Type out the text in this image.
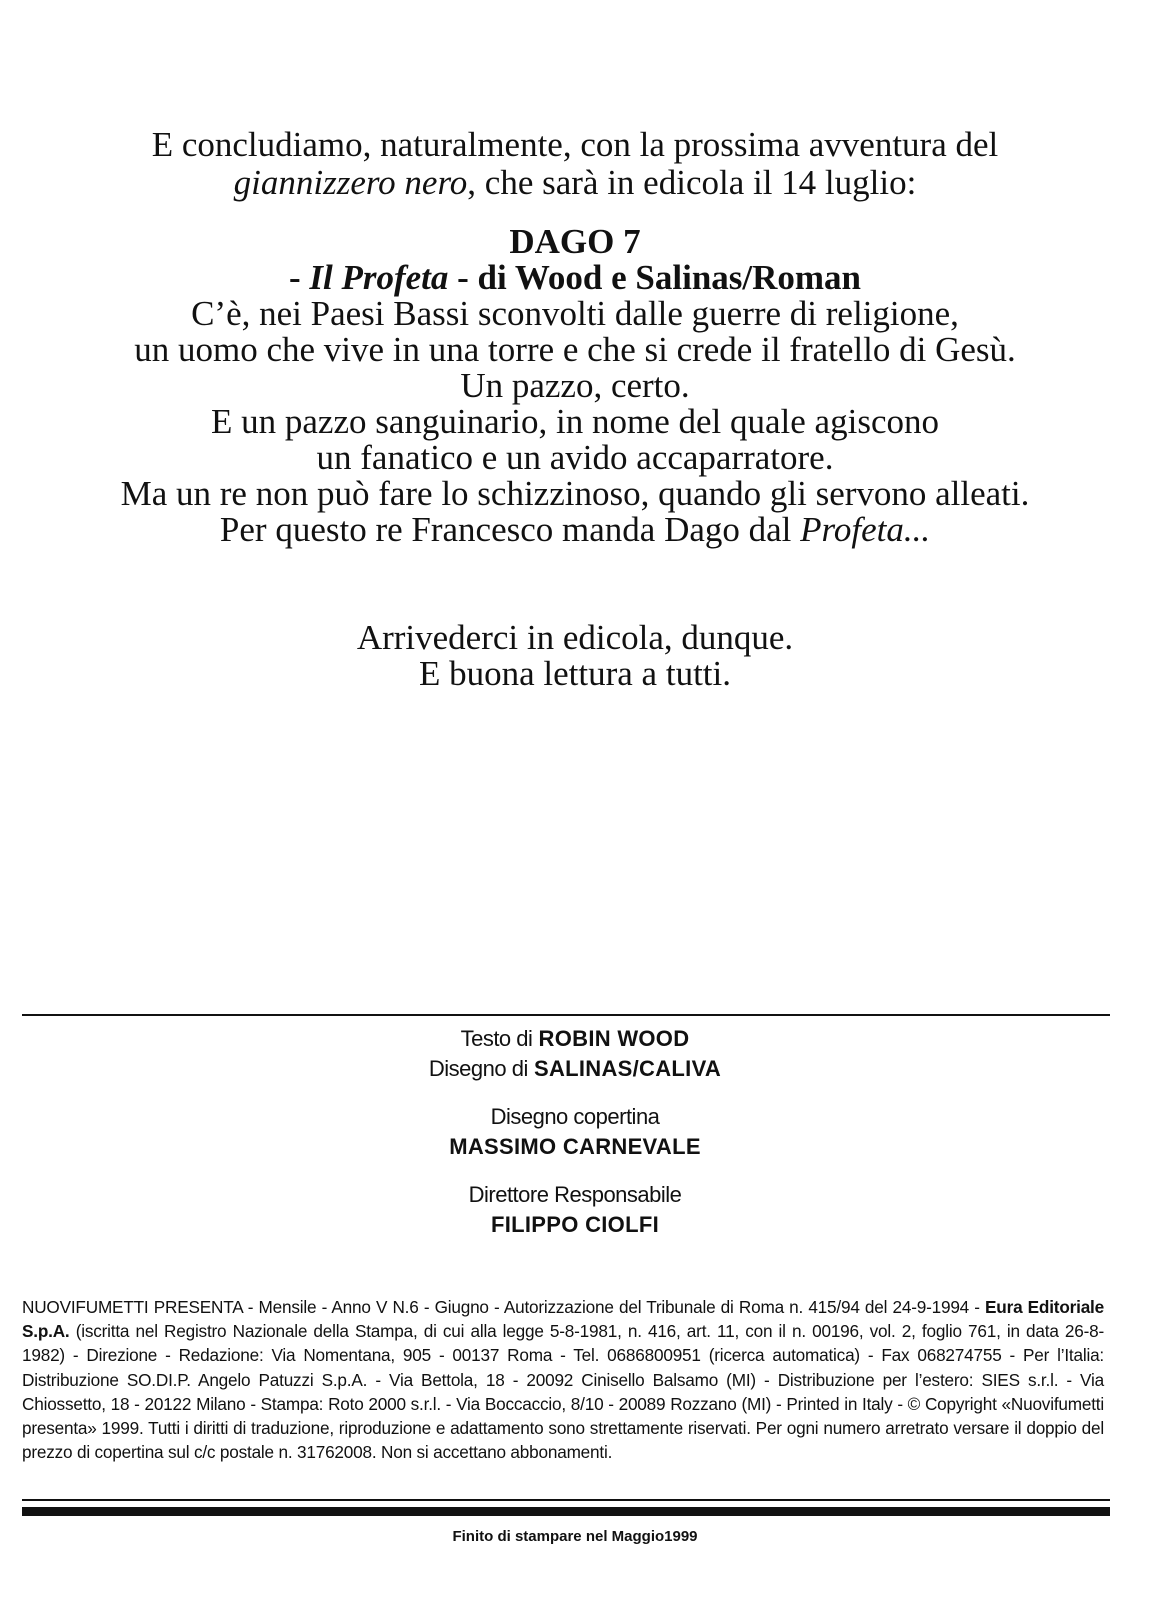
E concludiamo, naturalmente, con la prossima avventura del
giannizzero nero, che sarà in edicola il 14 luglio:
DAGO 7
- Il Profeta - di Wood e Salinas/Roman
C’è, nei Paesi Bassi sconvolti dalle guerre di religione,
un uomo che vive in una torre e che si crede il fratello di Gesù.
Un pazzo, certo.
E un pazzo sanguinario, in nome del quale agiscono
un fanatico e un avido accaparratore.
Ma un re non può fare lo schizzinoso, quando gli servono alleati.
Per questo re Francesco manda Dago dal Profeta...
Arrivederci in edicola, dunque.
E buona lettura a tutti.
Testo di ROBIN WOOD
Disegno di SALINAS/CALIVA
Disegno copertina
MASSIMO CARNEVALE
Direttore Responsabile
FILIPPO CIOLFI
NUOVIFUMETTI PRESENTA - Mensile - Anno V N.6 - Giugno - Autorizzazione del Tribunale di Roma n. 415/94 del 24-9-1994 - Eura Editoriale S.p.A. (iscritta nel Registro Nazionale della Stampa, di cui alla legge 5-8-1981, n. 416, art. 11, con il n. 00196, vol. 2, foglio 761, in data 26-8-1982) - Direzione - Redazione: Via Nomentana, 905 - 00137 Roma - Tel. 0686800951 (ricerca automatica) - Fax 068274755 - Per l’Italia: Distribuzione SO.DI.P. Angelo Patuzzi S.p.A. - Via Bettola, 18 - 20092 Cinisello Balsamo (MI) - Distribuzione per l’estero: SIES s.r.l. - Via Chiossetto, 18 - 20122 Milano - Stampa: Roto 2000 s.r.l. - Via Boccaccio, 8/10 - 20089 Rozzano (MI) - Printed in Italy - © Copyright «Nuovifumetti presenta» 1999. Tutti i diritti di traduzione, riproduzione e adattamento sono strettamente riservati. Per ogni numero arretrato versare il doppio del prezzo di copertina sul c/c postale n. 31762008. Non si accettano abbonamenti.
Finito di stampare nel Maggio1999
